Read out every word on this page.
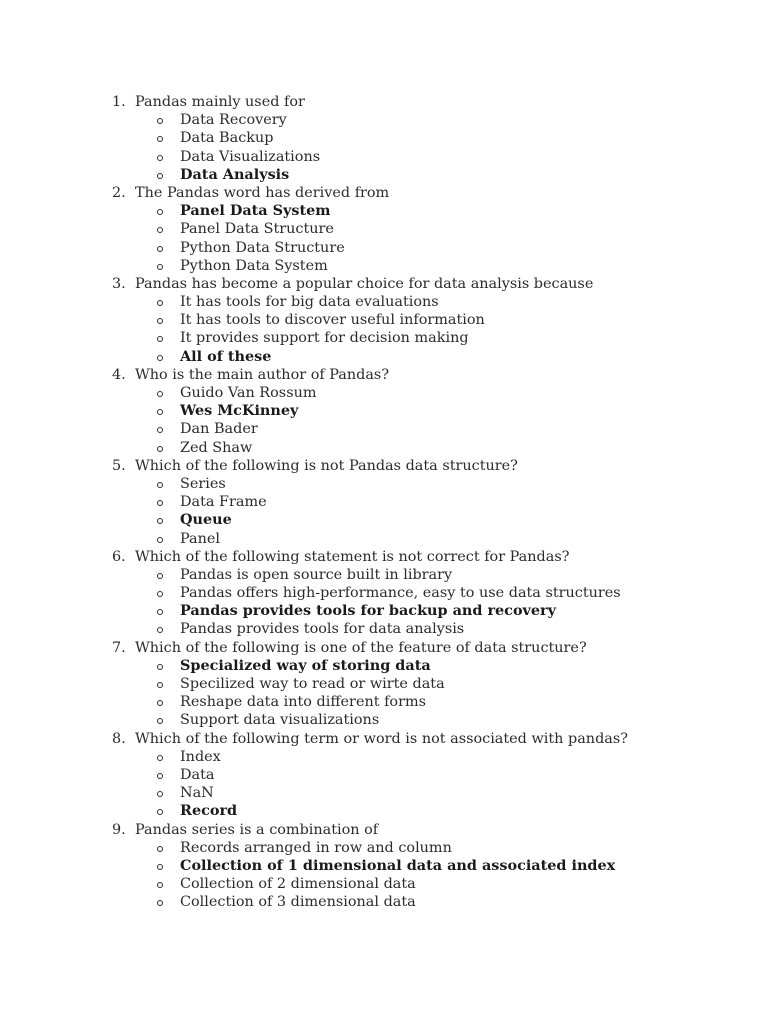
1. Pandas mainly used for
Data Recovery
Data Backup
Data Visualizations
Data Analysis
2. The Pandas word has derived from
Panel Data System
Panel Data Structure
Python Data Structure
Python Data System
3. Pandas has become a popular choice for data analysis because
It has tools for big data evaluations
It has tools to discover useful information
It provides support for decision making
All of these
4. Who is the main author of Pandas?
Guido Van Rossum
Wes McKinney
Dan Bader
Zed Shaw
5. Which of the following is not Pandas data structure?
Series
Data Frame
Queue
Panel
6. Which of the following statement is not correct for Pandas?
Pandas is open source built in library
Pandas offers high-performance, easy to use data structures
Pandas provides tools for backup and recovery
Pandas provides tools for data analysis
7. Which of the following is one of the feature of data structure?
Specialized way of storing data
Specilized way to read or wirte data
Reshape data into different forms
Support data visualizations
8. Which of the following term or word is not associated with pandas?
Index
Data
NaN
Record
9. Pandas series is a combination of
Records arranged in row and column
Collection of 1 dimensional data and associated index
Collection of 2 dimensional data
Collection of 3 dimensional data
